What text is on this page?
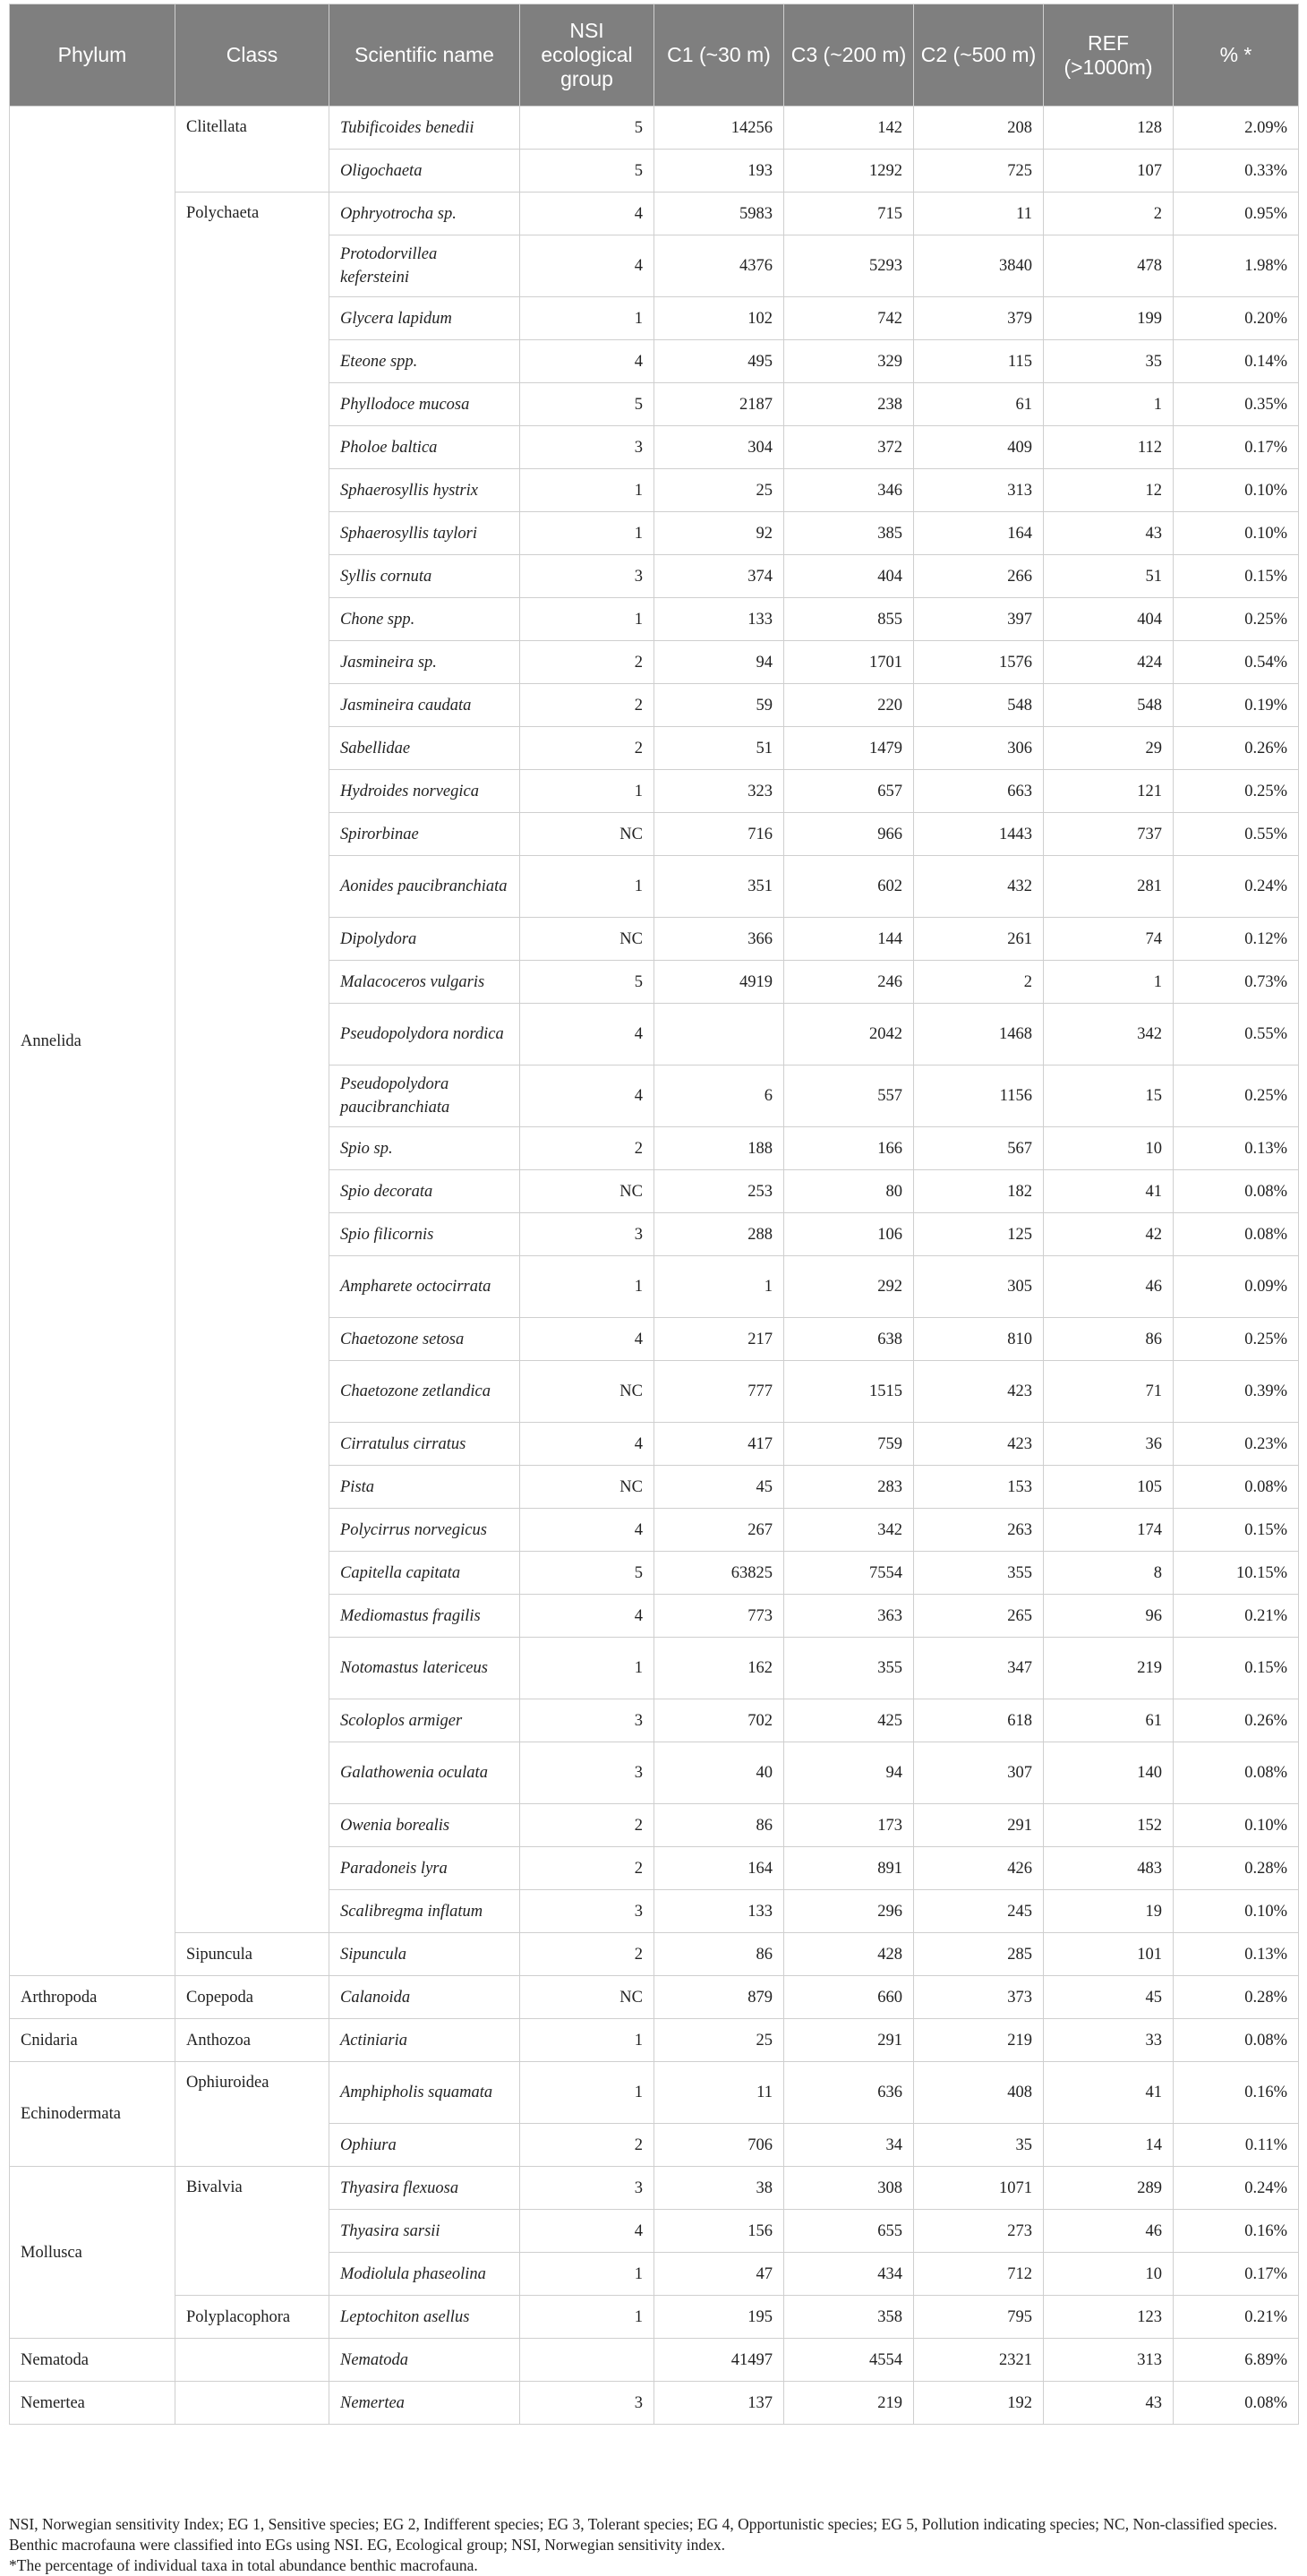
Phylum	Class	Scientific name	NSI ecological group	C1 (~30 m)	C3 (~200 m)	C2 (~500 m)	REF (>1000m)	% *
Annelida	Clitellata	Tubificoides benedii	5	14256	142	208	128	2.09%
		Oligochaeta	5	193	1292	725	107	0.33%
	Polychaeta	Ophryotrocha sp.	4	5983	715	11	2	0.95%
		Protodorvillea kefersteini	4	4376	5293	3840	478	1.98%
		Glycera lapidum	1	102	742	379	199	0.20%
		Eteone spp.	4	495	329	115	35	0.14%
		Phyllodoce mucosa	5	2187	238	61	1	0.35%
		Pholoe baltica	3	304	372	409	112	0.17%
		Sphaerosyllis hystrix	1	25	346	313	12	0.10%
		Sphaerosyllis taylori	1	92	385	164	43	0.10%
		Syllis cornuta	3	374	404	266	51	0.15%
		Chone spp.	1	133	855	397	404	0.25%
		Jasmineira sp.	2	94	1701	1576	424	0.54%
		Jasmineira caudata	2	59	220	548	548	0.19%
		Sabellidae	2	51	1479	306	29	0.26%
		Hydroides norvegica	1	323	657	663	121	0.25%
		Spirorbinae	NC	716	966	1443	737	0.55%
		Aonides paucibranchiata	1	351	602	432	281	0.24%
		Dipolydora	NC	366	144	261	74	0.12%
		Malacoceros vulgaris	5	4919	246	2	1	0.73%
		Pseudopolydora nordica	4		2042	1468	342	0.55%
		Pseudopolydora paucibranchiata	4	6	557	1156	15	0.25%
		Spio sp.	2	188	166	567	10	0.13%
		Spio decorata	NC	253	80	182	41	0.08%
		Spio filicornis	3	288	106	125	42	0.08%
		Ampharete octocirrata	1	1	292	305	46	0.09%
		Chaetozone setosa	4	217	638	810	86	0.25%
		Chaetozone zetlandica	NC	777	1515	423	71	0.39%
		Cirratulus cirratus	4	417	759	423	36	0.23%
		Pista	NC	45	283	153	105	0.08%
		Polycirrus norvegicus	4	267	342	263	174	0.15%
		Capitella capitata	5	63825	7554	355	8	10.15%
		Mediomastus fragilis	4	773	363	265	96	0.21%
		Notomastus latericeus	1	162	355	347	219	0.15%
		Scoloplos armiger	3	702	425	618	61	0.26%
		Galathowenia oculata	3	40	94	307	140	0.08%
		Owenia borealis	2	86	173	291	152	0.10%
		Paradoneis lyra	2	164	891	426	483	0.28%
		Scalibregma inflatum	3	133	296	245	19	0.10%
	Sipuncula	Sipuncula	2	86	428	285	101	0.13%
Arthropoda	Copepoda	Calanoida	NC	879	660	373	45	0.28%
Cnidaria	Anthozoa	Actiniaria	1	25	291	219	33	0.08%
Echinodermata	Ophiuroidea	Amphipholis squamata	1	11	636	408	41	0.16%
		Ophiura	2	706	34	35	14	0.11%
Mollusca	Bivalvia	Thyasira flexuosa	3	38	308	1071	289	0.24%
		Thyasira sarsii	4	156	655	273	46	0.16%
		Modiolula phaseolina	1	47	434	712	10	0.17%
	Polyplacophora	Leptochiton asellus	1	195	358	795	123	0.21%
Nematoda		Nematoda		41497	4554	2321	313	6.89%
Nemertea		Nemertea	3	137	219	192	43	0.08%

NSI, Norwegian sensitivity Index; EG 1, Sensitive species; EG 2, Indifferent species; EG 3, Tolerant species; EG 4, Opportunistic species; EG 5, Pollution indicating species; NC, Non-classified species. Benthic macrofauna were classified into EGs using NSI. EG, Ecological group; NSI, Norwegian sensitivity index.

*The percentage of individual taxa in total abundance benthic macrofauna.
